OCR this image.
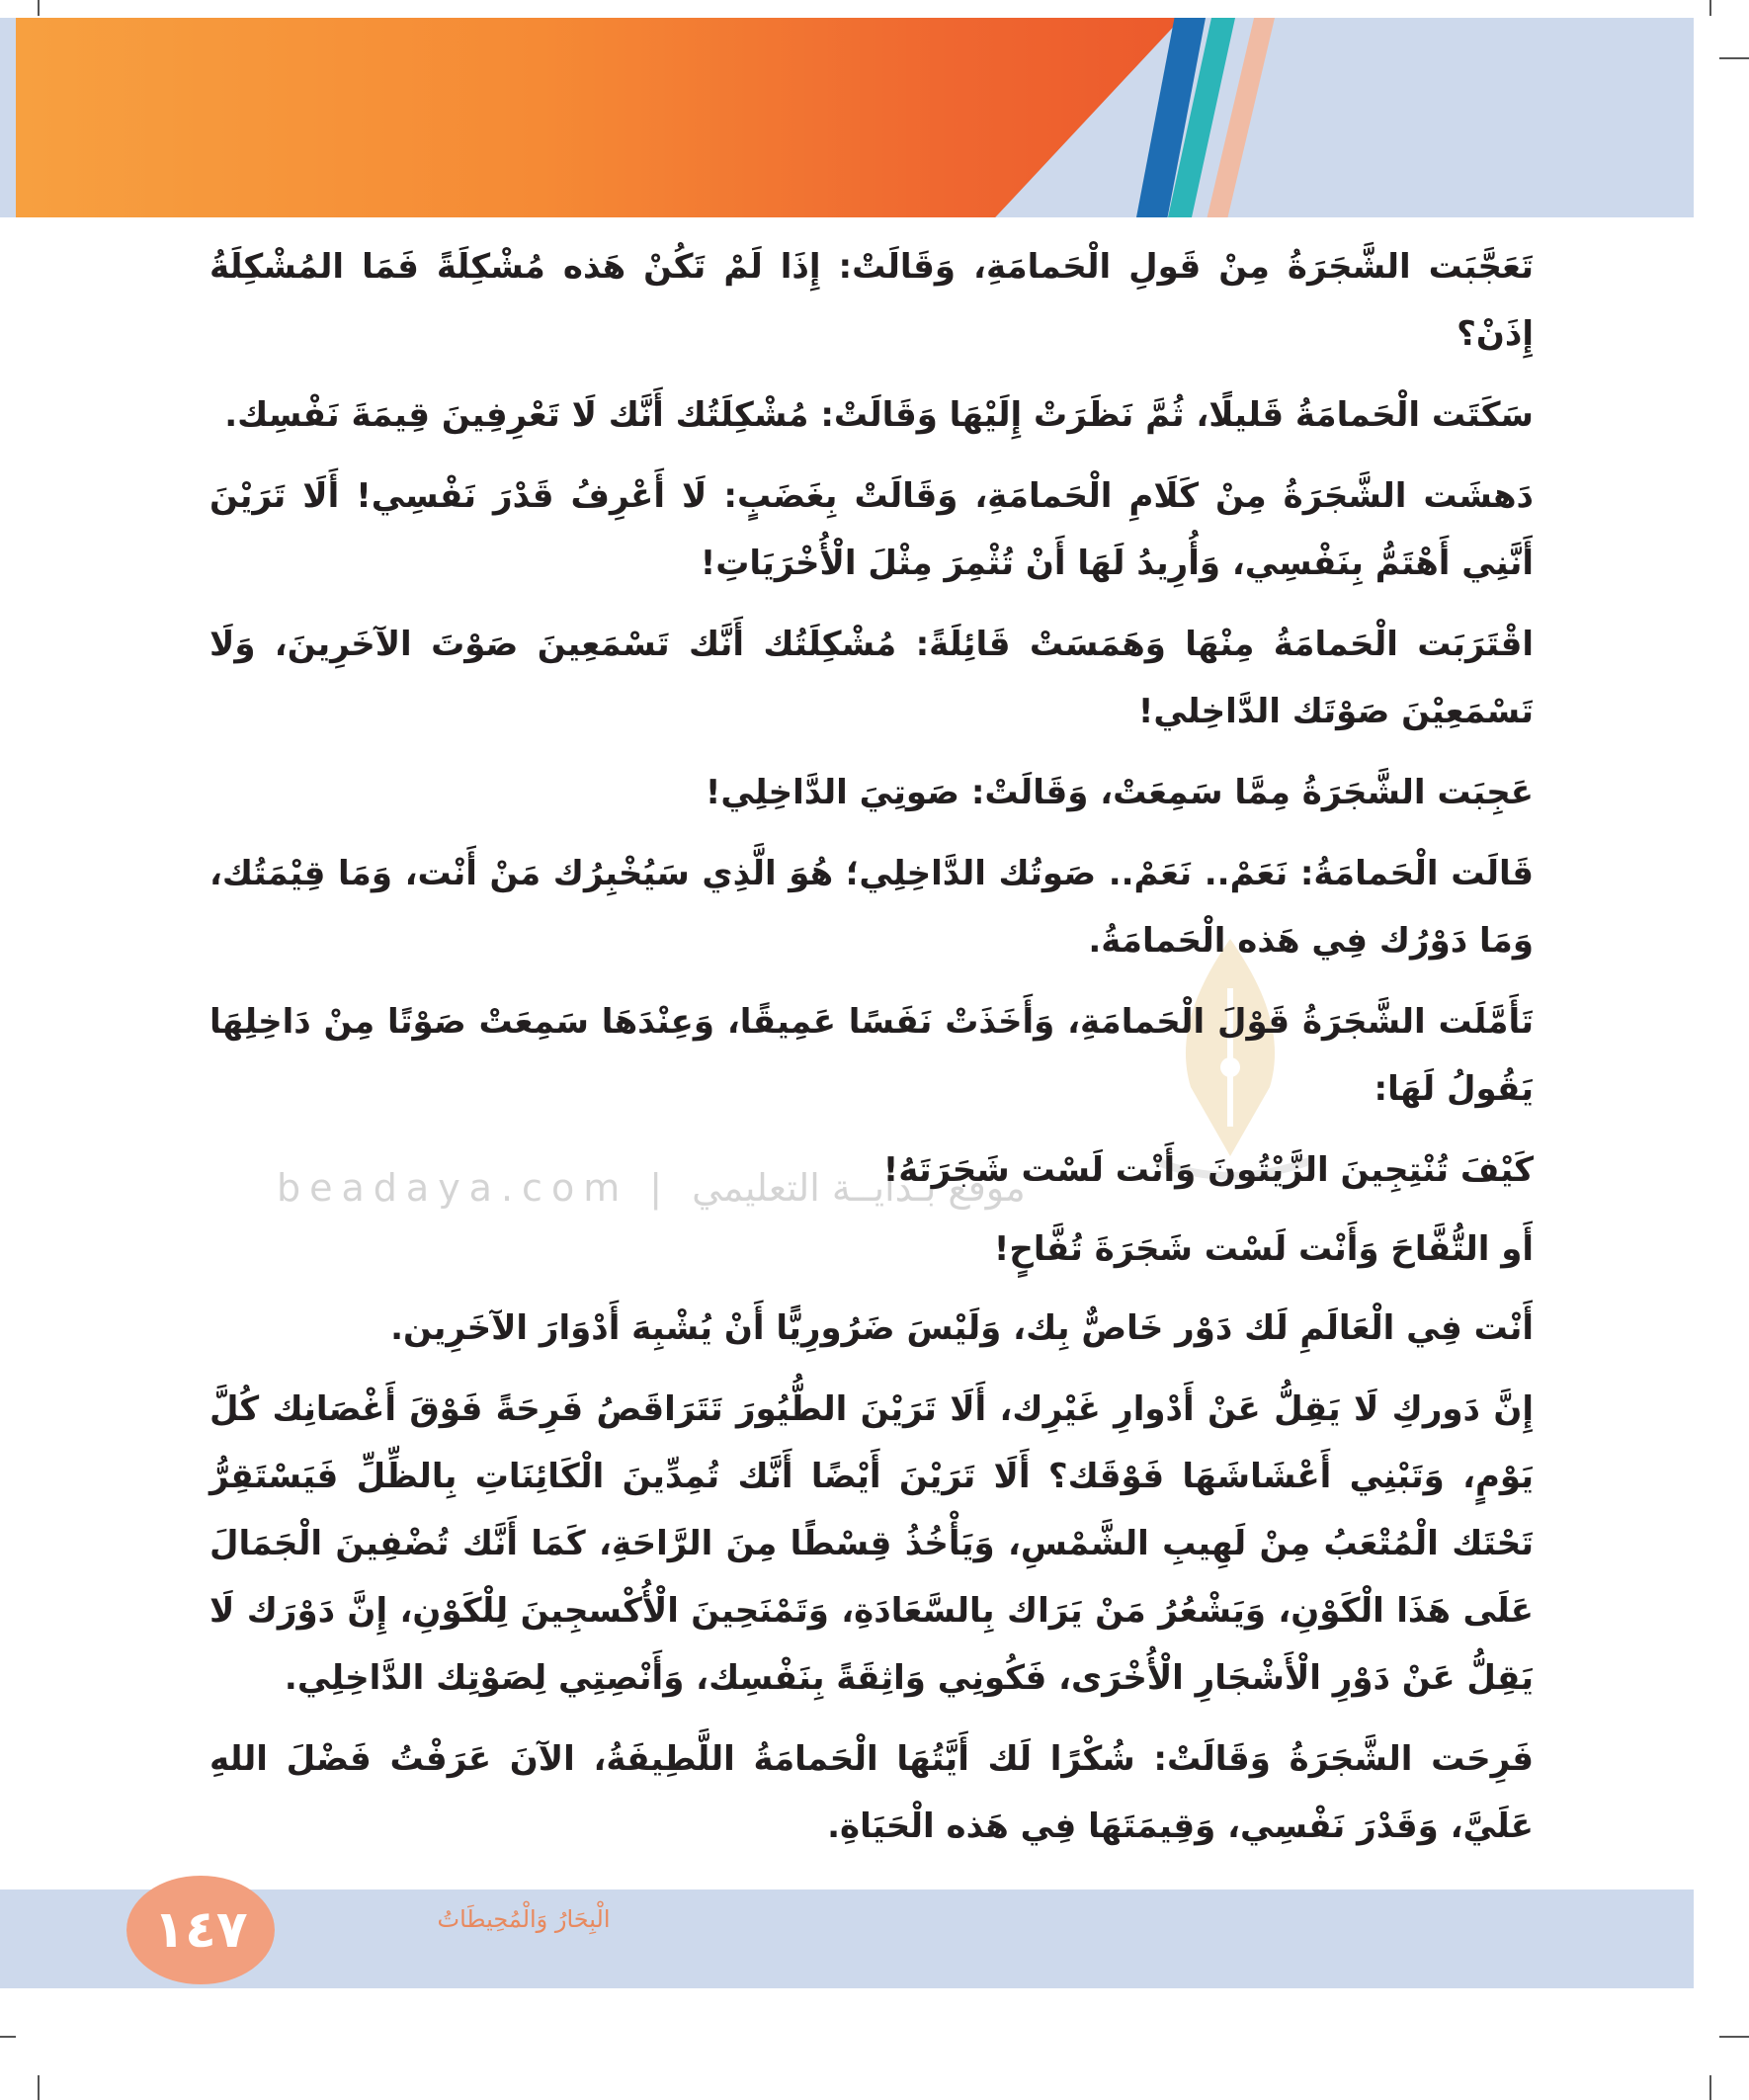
beadaya.com | موقع بـدايــة التعليمي

تَعَجَّبَت الشَّجَرَةُ مِنْ قَولِ الْحَمامَةِ، وَقَالَتْ: إِذَا لَمْ تَكُنْ هَذه مُشْكِلَةً فَمَا المُشْكِلَةُ إِذَنْ؟

سَكَتَت الْحَمامَةُ قَليلًا، ثُمَّ نَظَرَتْ إِلَيْهَا وَقَالَتْ: مُشْكِلَتُك أَنَّك لَا تَعْرِفِينَ قِيمَةَ نَفْسِك.

دَهشَت الشَّجَرَةُ مِنْ كَلَامِ الْحَمامَةِ، وَقَالَتْ بِغَضَبٍ: لَا أَعْرِفُ قَدْرَ نَفْسِي! أَلَا تَرَيْنَ أَنَّنِي أَهْتَمُّ بِنَفْسِي، وَأُرِيدُ لَهَا أَنْ تُثْمِرَ مِثْلَ الْأُخْرَيَاتِ!

اقْتَرَبَت الْحَمامَةُ مِنْهَا وَهَمَسَتْ قَائِلَةً: مُشْكِلَتُك أَنَّك تَسْمَعِينَ صَوْتَ الآخَرِينَ، وَلَا تَسْمَعِيْنَ صَوْتَك الدَّاخِلي!

عَجِبَت الشَّجَرَةُ مِمَّا سَمِعَتْ، وَقَالَتْ: صَوتِيَ الدَّاخِلِي!

قَالَت الْحَمامَةُ: نَعَمْ.. نَعَمْ.. صَوتُك الدَّاخِلِي؛ هُوَ الَّذِي سَيُخْبِرُك مَنْ أَنْت، وَمَا قِيْمَتُك، وَمَا دَوْرُك فِي هَذه الْحَمامَةُ.

تَأَمَّلَت الشَّجَرَةُ قَوْلَ الْحَمامَةِ، وَأَخَذَتْ نَفَسًا عَمِيقًا، وَعِنْدَهَا سَمِعَتْ صَوْتًا مِنْ دَاخِلِهَا يَقُولُ لَهَا:

كَيْفَ تُنْتِجِينَ الزَّيْتُونَ وَأَنْت لَسْت شَجَرَتَهُ!

أَو التُّفَّاحَ وَأَنْت لَسْت شَجَرَةَ تُفَّاحٍ!

أَنْت فِي الْعَالَمِ لَك دَوْر خَاصٌّ بِك، وَلَيْسَ ضَرُورِيًّا أَنْ يُشْبِهَ أَدْوَارَ الآخَرِين.

إِنَّ دَوركِ لَا يَقِلُّ عَنْ أَدْوارِ غَيْرِك، أَلَا تَرَيْنَ الطُّيُورَ تَتَرَاقَصُ فَرِحَةً فَوْقَ أَغْصَانِك كُلَّ يَوْمٍ، وَتَبْنِي أَعْشَاشَهَا فَوْقَك؟ أَلَا تَرَيْنَ أَيْضًا أَنَّك تُمِدِّينَ الْكَائِنَاتِ بِالظِّلِّ فَيَسْتَقِرُّ تَحْتَك الْمُتْعَبُ مِنْ لَهِيبِ الشَّمْسِ، وَيَأْخُذُ قِسْطًا مِنَ الرَّاحَةِ، كَمَا أَنَّك تُضْفِينَ الْجَمَالَ عَلَى هَذَا الْكَوْنِ، وَيَشْعُرُ مَنْ يَرَاك بِالسَّعَادَةِ، وَتَمْنَحِينَ الْأُكْسجِينَ لِلْكَوْنِ، إِنَّ دَوْرَك لَا يَقِلُّ عَنْ دَوْرِ الْأَشْجَارِ الْأُخْرَى، فَكُونِي وَاثِقَةً بِنَفْسِك، وَأَنْصِتِي لِصَوْتِك الدَّاخِلِي.

فَرِحَت الشَّجَرَةُ وَقَالَتْ: شُكْرًا لَك أَيَّتُهَا الْحَمامَةُ اللَّطِيفَةُ، الآنَ عَرَفْتُ فَضْلَ اللهِ عَلَيَّ، وَقَدْرَ نَفْسِي، وَقِيمَتَهَا فِي هَذه الْحَيَاةِ.

١٤٧	الْبِحَارُ وَالْمُحِيطَاتُ
